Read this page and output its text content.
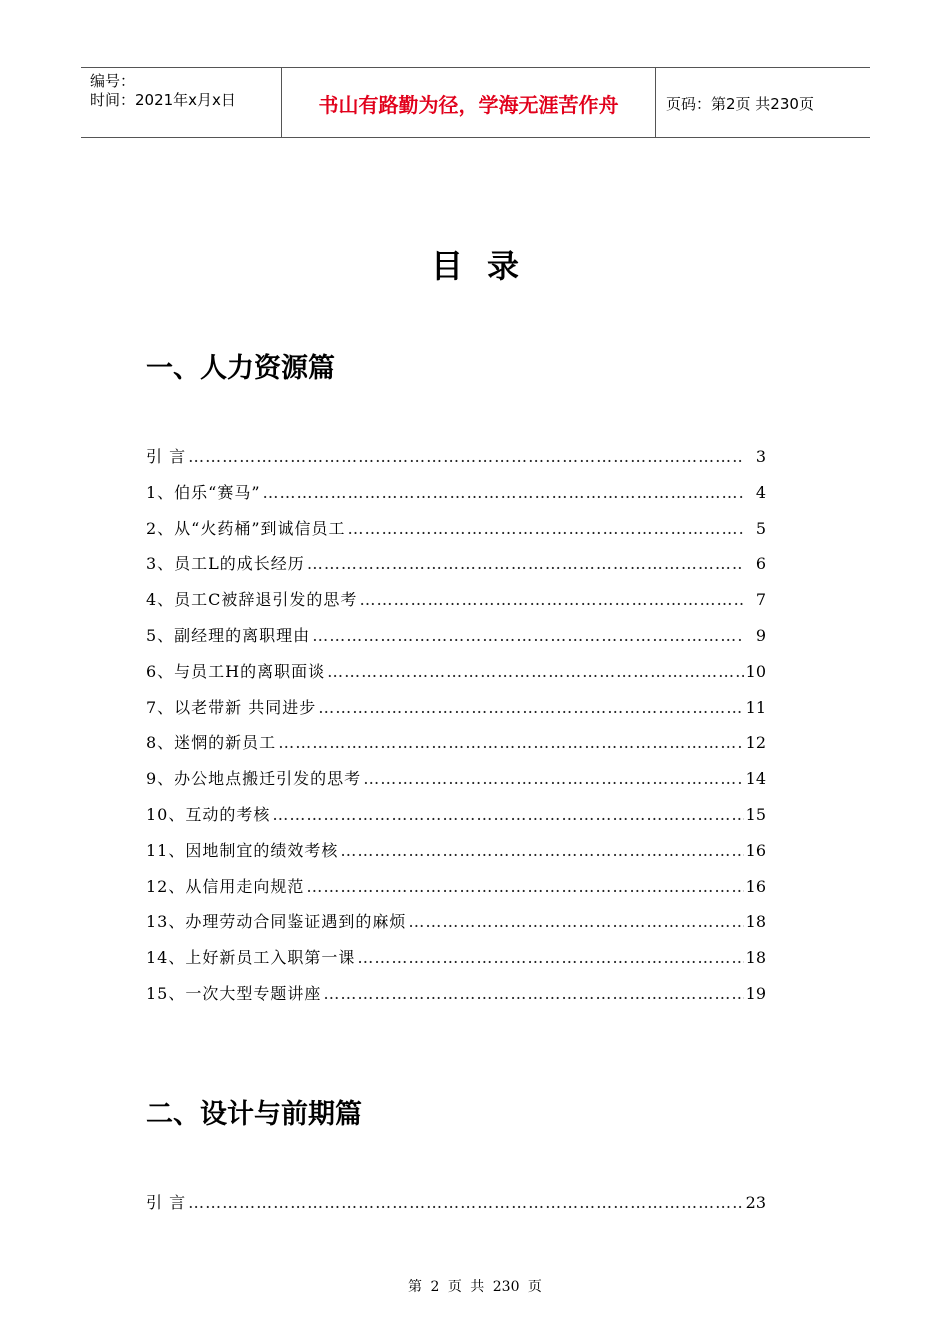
编号：
时间：2021年x月x日	书山有路勤为径，学海无涯苦作舟	页码：第2页 共230页
目录
一、人力资源篇
引 言 ……………………………………………………………………………………………………………………………………………	3
1、伯乐“赛马” ……………………………………………………………………………………………………………………………………………	4
2、从“火药桶”到诚信员工 ……………………………………………………………………………………………………………………………………………	5
3、员工L的成长经历 ……………………………………………………………………………………………………………………………………………	6
4、员工C被辞退引发的思考 ……………………………………………………………………………………………………………………………………………	7
5、副经理的离职理由 ……………………………………………………………………………………………………………………………………………	9
6、与员工H的离职面谈 ……………………………………………………………………………………………………………………………………………	10
7、以老带新 共同进步 ……………………………………………………………………………………………………………………………………………	11
8、迷惘的新员工 ……………………………………………………………………………………………………………………………………………	12
9、办公地点搬迁引发的思考 ……………………………………………………………………………………………………………………………………………	14
10、互动的考核 ……………………………………………………………………………………………………………………………………………	15
11、因地制宜的绩效考核 ……………………………………………………………………………………………………………………………………………	16
12、从信用走向规范 ……………………………………………………………………………………………………………………………………………	16
13、办理劳动合同鉴证遇到的麻烦 ……………………………………………………………………………………………………………………………………………	18
14、上好新员工入职第一课 ……………………………………………………………………………………………………………………………………………	18
15、一次大型专题讲座 ……………………………………………………………………………………………………………………………………………	19
二、设计与前期篇
引 言 ……………………………………………………………………………………………………………………………………………	23
第 2 页 共 230 页
